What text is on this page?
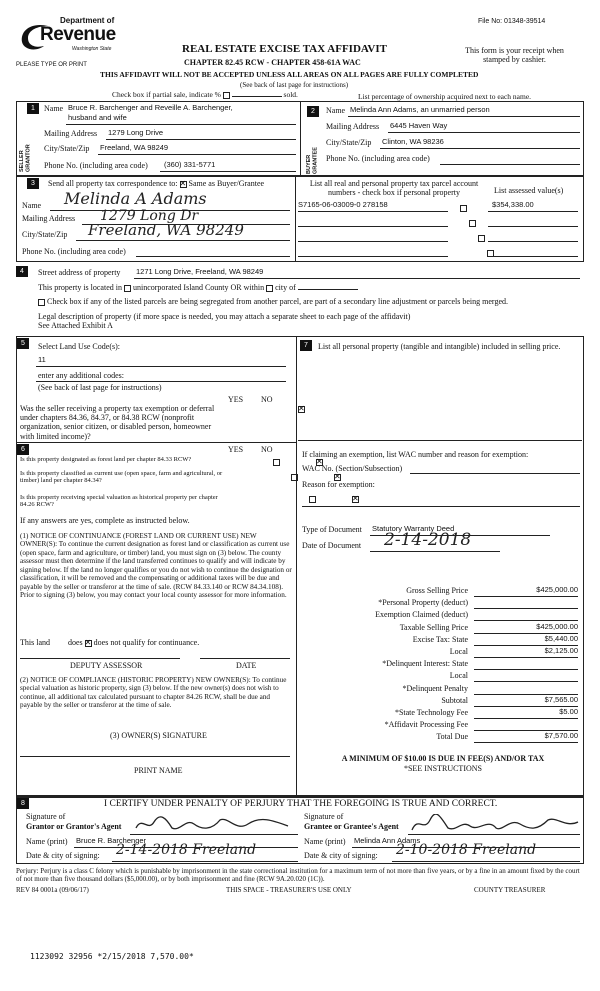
File No: 01348-39514
Department of
Revenue
Washington State
PLEASE TYPE OR PRINT
REAL ESTATE EXCISE TAX AFFIDAVIT
CHAPTER 82.45 RCW - CHAPTER 458-61A WAC
This form is your receipt when stamped by cashier.
THIS AFFIDAVIT WILL NOT BE ACCEPTED UNLESS ALL AREAS ON ALL PAGES ARE FULLY COMPLETED
(See back of last page for instructions)
Check box if partial sale, indicate %	sold.	List percentage of ownership acquired next to each name.
1
SELLER GRANTOR
Name Bruce R. Barchenger and Reveille A. Barchenger,
husband and wife
Mailing Address 1279 Long Drive
City/State/Zip Freeland, WA 98249
Phone No. (including area code) (360) 331-5771
2
BUYER GRANTEE
Name Melinda Ann Adams, an unmarried person
Mailing Address 6445 Haven Way
City/State/Zip Clinton, WA 98236
Phone No. (including area code)
3	Send all property tax correspondence to: ✕ Same as Buyer/Grantee
Name Melinda A Adams
Mailing Address 1279 Long Dr
City/State/Zip Freeland, WA 98249
Phone No. (including area code)
List all real and personal property tax parcel account numbers - check box if personal property	List assessed value(s)
S7165-06-03009-0 278158	$354,338.00

4	Street address of property 1271 Long Drive, Freeland, WA 98249
This property is located in unincorporated Island County OR within city of
Check box if any of the listed parcels are being segregated from another parcel, are part of a secondary line adjustment or parcels being merged.
Legal description of property (if more space is needed, you may attach a separate sheet to each page of the affidavit)
See Attached Exhibit A
5	Select Land Use Code(s):
11
enter any additional codes:
(See back of last page for instructions)
YES NO
Was the seller receiving a property tax exemption or deferral under chapters 84.36, 84.37, or 84.38 RCW (nonprofit organization, senior citizen, or disabled person, homeowner with limited income)?
✕
6	YES NO
Is this property designated as forest land per chapter 84.33 RCW?
✕
Is this property classified as current use (open space, farm and agricultural, or timber) land per chapter 84.34?
✕
Is this property receiving special valuation as historical property per chapter 84.26 RCW?
✕
If any answers are yes, complete as instructed below.
(1) NOTICE OF CONTINUANCE (FOREST LAND OR CURRENT USE) NEW OWNER(S): To continue the current designation as forest land or classification as current use (open space, farm and agriculture, or timber) land, you must sign on (3) below. The county assessor must then determine if the land transferred continues to qualify and will indicate by signing below. If the land no longer qualifies or you do not wish to continue the designation or classification, it will be removed and the compensating or additional taxes will be due and payable by the seller or transferor at the time of sale. (RCW 84.33.140 or RCW 84.34.108). Prior to signing (3) below, you may contact your local county assessor for more information.
This land does ✕ does not qualify for continuance.
DEPUTY ASSESSOR	DATE
(2) NOTICE OF COMPLIANCE (HISTORIC PROPERTY) NEW OWNER(S): To continue special valuation as historic property, sign (3) below. If the new owner(s) does not wish to continue, all additional tax calculated pursuant to chapter 84.26 RCW, shall be due and payable by the seller or transferor at the time of sale.
(3) OWNER(S) SIGNATURE
PRINT NAME
7	List all personal property (tangible and intangible) included in selling price.
If claiming an exemption, list WAC number and reason for exemption:
WAC No. (Section/Subsection)
Reason for exemption:
Type of Document Statutory Warranty Deed
Date of Document 2-14-2018
Gross Selling Price	$425,000.00
*Personal Property (deduct)
Exemption Claimed (deduct)
Taxable Selling Price	$425,000.00
Excise Tax: State	$5,440.00
Local	$2,125.00
*Delinquent Interest: State
Local
*Delinquent Penalty
Subtotal	$7,565.00
*State Technology Fee	$5.00
*Affidavit Processing Fee
Total Due	$7,570.00
A MINIMUM OF $10.00 IS DUE IN FEE(S) AND/OR TAX
*SEE INSTRUCTIONS
8	I CERTIFY UNDER PENALTY OF PERJURY THAT THE FOREGOING IS TRUE AND CORRECT.
Signature of
Grantor or Grantor's Agent
Name (print) Bruce R. Barchenger
Date & city of signing: 2-14-2018 Freeland
Signature of
Grantee or Grantee's Agent
Name (print) Melinda Ann Adams
Date & city of signing: 2-10-2018 Freeland
Perjury: Perjury is a class C felony which is punishable by imprisonment in the state correctional institution for a maximum term of not more than five years, or by a fine in an amount fixed by the court of not more than five thousand dollars ($5,000.00), or by both imprisonment and fine (RCW 9A.20.020 (1C)).
REV 84 0001a (09/06/17)	THIS SPACE - TREASURER'S USE ONLY	COUNTY TREASURER
1123092 32956 *2/15/2018 7,570.00*
